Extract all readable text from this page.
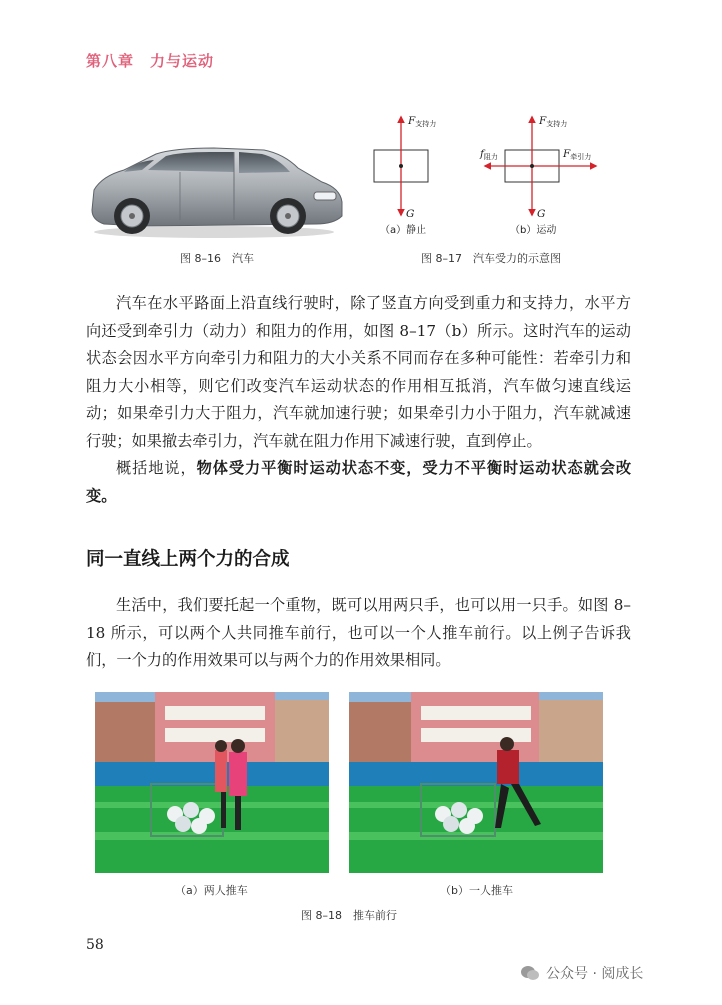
第八章　力与运动
图 8–16　汽车
F支持力
G
（a）静止
F支持力
f阻力	F牵引力
G
（b）运动
图 8–17　汽车受力的示意图

汽车在水平路面上沿直线行驶时，除了竖直方向受到重力和支持力，水平方向还受到牵引力（动力）和阻力的作用，如图 8–17（b）所示。这时汽车的运动状态会因水平方向牵引力和阻力的大小关系不同而存在多种可能性：若牵引力和阻力大小相等，则它们改变汽车运动状态的作用相互抵消，汽车做匀速直线运动；如果牵引力大于阻力，汽车就加速行驶；如果牵引力小于阻力，汽车就减速行驶；如果撤去牵引力，汽车就在阻力作用下减速行驶，直到停止。

概括地说，物体受力平衡时运动状态不变，受力不平衡时运动状态就会改变。

同一直线上两个力的合成

生活中，我们要托起一个重物，既可以用两只手，也可以用一只手。如图 8–18 所示，可以两个人共同推车前行，也可以一个人推车前行。以上例子告诉我们，一个力的作用效果可以与两个力的作用效果相同。

（a）两人推车	（b）一人推车
图 8–18　推车前行
58
公众号 · 阅成长
